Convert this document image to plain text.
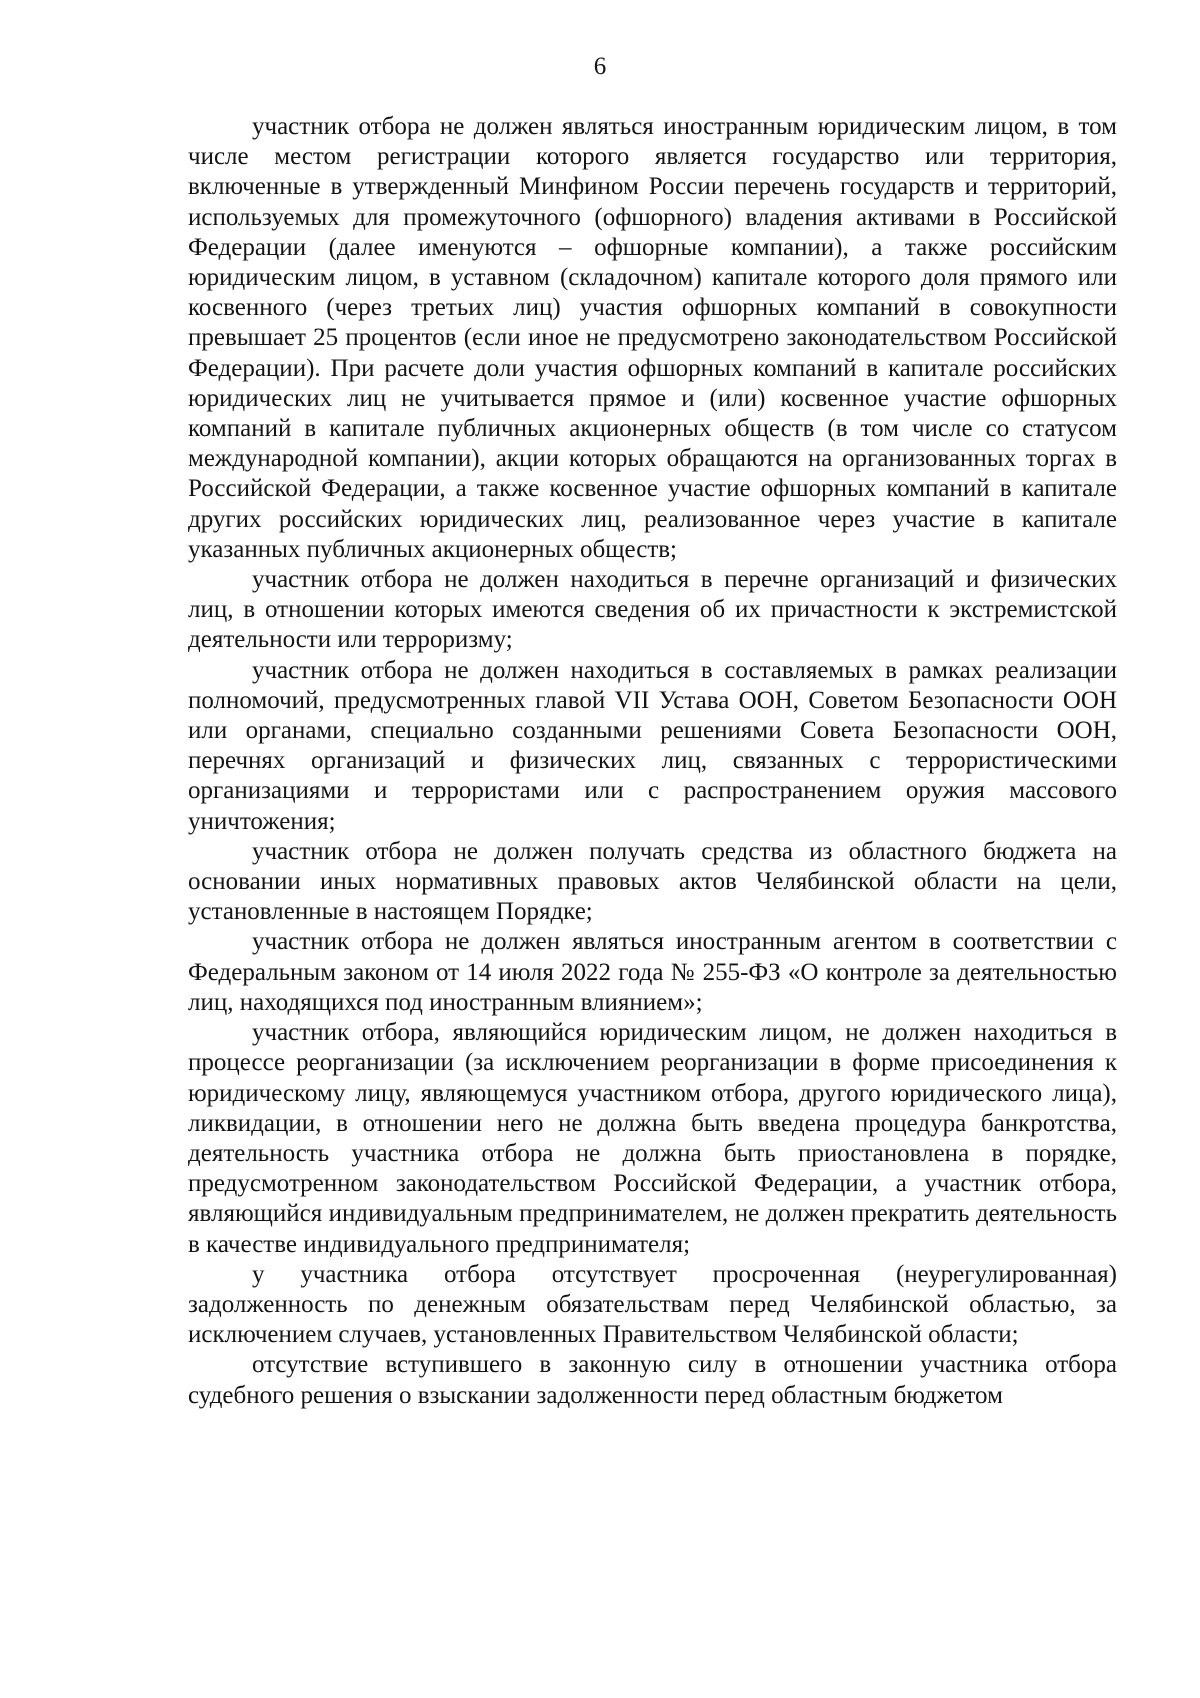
6

участник отбора не должен являться иностранным юридическим лицом, в том числе местом регистрации которого является государство или территория, включенные в утвержденный Минфином России перечень государств и территорий, используемых для промежуточного (офшорного) владения активами в Российской Федерации (далее именуются – офшорные компании), а также российским юридическим лицом, в уставном (складочном) капитале которого доля прямого или косвенного (через третьих лиц) участия офшорных компаний в совокупности превышает 25 процентов (если иное не предусмотрено законодательством Российской Федерации). При расчете доли участия офшорных компаний в капитале российских юридических лиц не учитывается прямое и (или) косвенное участие офшорных компаний в капитале публичных акционерных обществ (в том числе со статусом международной компании), акции которых обращаются на организованных торгах в Российской Федерации, а также косвенное участие офшорных компаний в капитале других российских юридических лиц, реализованное через участие в капитале указанных публичных акционерных обществ;

участник отбора не должен находиться в перечне организаций и физических лиц, в отношении которых имеются сведения об их причастности к экстремистской деятельности или терроризму;

участник отбора не должен находиться в составляемых в рамках реализации полномочий, предусмотренных главой VII Устава ООН, Советом Безопасности ООН или органами, специально созданными решениями Совета Безопасности ООН, перечнях организаций и физических лиц, связанных с террористическими организациями и террористами или с распространением оружия массового уничтожения;

участник отбора не должен получать средства из областного бюджета на основании иных нормативных правовых актов Челябинской области на цели, установленные в настоящем Порядке;

участник отбора не должен являться иностранным агентом в соответствии с Федеральным законом от 14 июля 2022 года № 255-ФЗ «О контроле за деятельностью лиц, находящихся под иностранным влиянием»;

участник отбора, являющийся юридическим лицом, не должен находиться в процессе реорганизации (за исключением реорганизации в форме присоединения к юридическому лицу, являющемуся участником отбора, другого юридического лица), ликвидации, в отношении него не должна быть введена процедура банкротства, деятельность участника отбора не должна быть приостановлена в порядке, предусмотренном законодательством Российской Федерации, а участник отбора, являющийся индивидуальным предпринимателем, не должен прекратить деятельность в качестве индивидуального предпринимателя;

у участника отбора отсутствует просроченная (неурегулированная) задолженность по денежным обязательствам перед Челябинской областью, за исключением случаев, установленных Правительством Челябинской области;

отсутствие вступившего в законную силу в отношении участника отбора судебного решения о взыскании задолженности перед областным бюджетом
